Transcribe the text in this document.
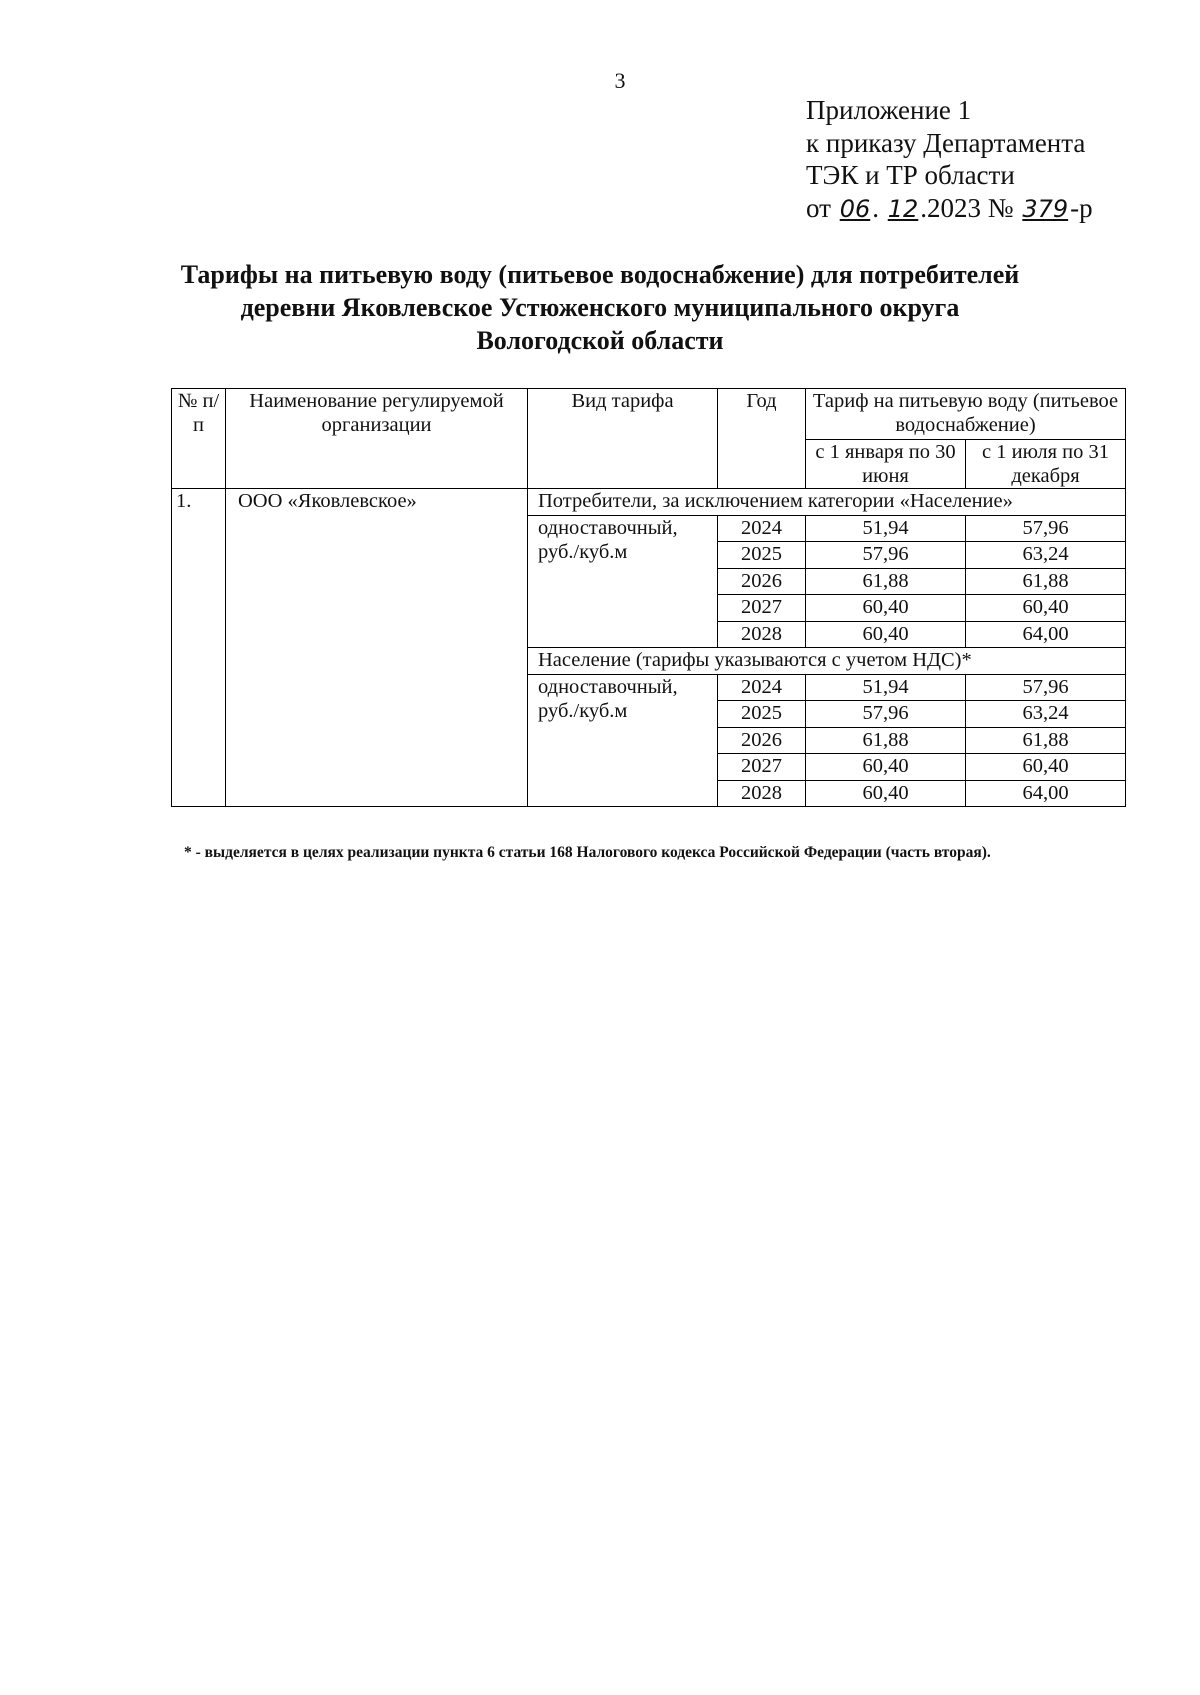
3
Приложение 1
к приказу Департамента
ТЭК и ТР области
от 06. 12.2023 № 379-р
Тарифы на питьевую воду (питьевое водоснабжение) для потребителей
деревни Яковлевское Устюженского муниципального округа
Вологодской области
№ п/п	Наименование регулируемой организации	Вид тарифа	Год	Тариф на питьевую воду (питьевое водоснабжение)	
				с 1 января по 30 июня	с 1 июля по 31 декабря
1.	ООО «Яковлевское»	Потребители, за исключением категории «Население»			
		одноставочный, руб./куб.м	2024	51,94	57,96
			2025	57,96	63,24
			2026	61,88	61,88
			2027	60,40	60,40
			2028	60,40	64,00
		Население (тарифы указываются с учетом НДС)*			
		одноставочный, руб./куб.м	2024	51,94	57,96
			2025	57,96	63,24
			2026	61,88	61,88
			2027	60,40	60,40
			2028	60,40	64,00
* - выделяется в целях реализации пункта 6 статьи 168 Налогового кодекса Российской Федерации (часть вторая).
